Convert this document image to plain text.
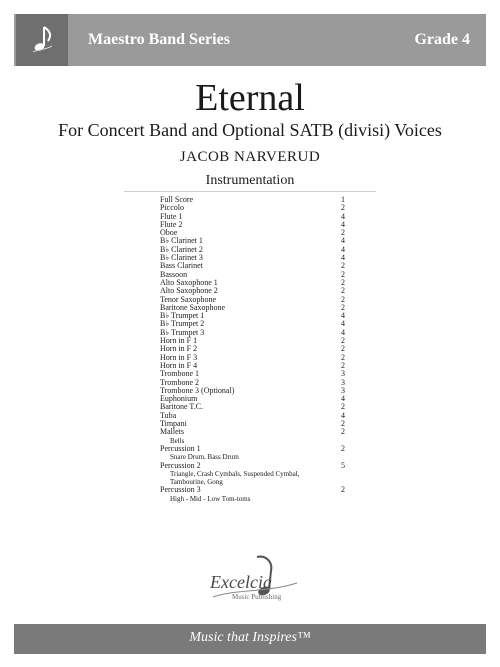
Maestro Band Series	Grade 4
Eternal
For Concert Band and Optional SATB (divisi) Voices
JACOB NARVERUD
Instrumentation
Full Score	1
Piccolo	2
Flute 1	4
Flute 2	4
Oboe	2
B♭ Clarinet 1	4
B♭ Clarinet 2	4
B♭ Clarinet 3	4
Bass Clarinet	2
Bassoon	2
Alto Saxophone 1	2
Alto Saxophone 2	2
Tenor Saxophone	2
Baritone Saxophone	2
B♭ Trumpet 1	4
B♭ Trumpet 2	4
B♭ Trumpet 3	4
Horn in F 1	2
Horn in F 2	2
Horn in F 3	2
Horn in F 4	2
Trombone 1	3
Trombone 2	3
Trombone 3 (Optional)	3
Euphonium	4
Baritone T.C.	2
Tuba	4
Timpani	2
Mallets	2
Bells
Percussion 1	2
Snare Drum, Bass Drum
Percussion 2	5
Triangle, Crash Cymbals, Suspended Cymbal,
Tambourine, Gong
Percussion 3	2
High - Mid - Low Tom-toms
Excelcia
Music Publishing
Music that Inspires™
